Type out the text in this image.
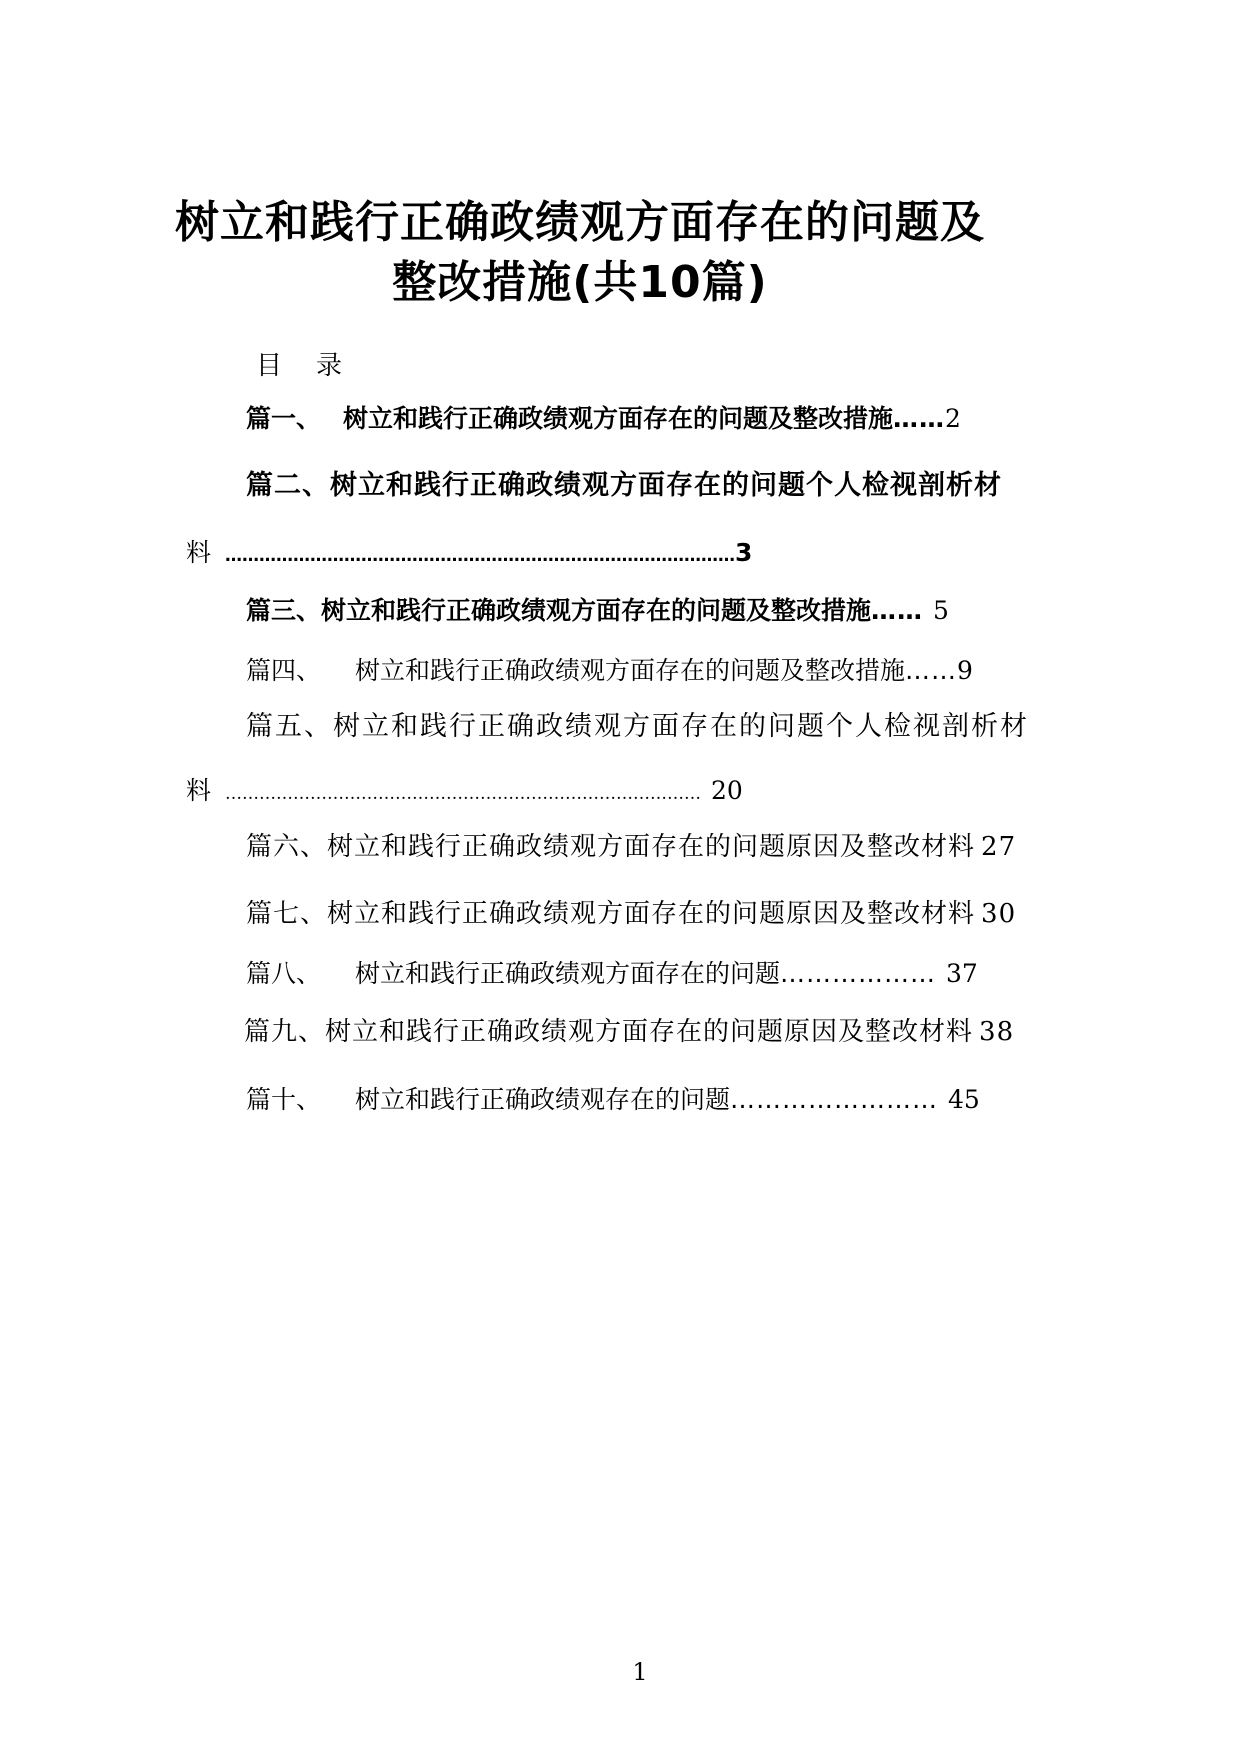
树立和践行正确政绩观方面存在的问题及
整改措施(共10篇)
目 录
篇一、 树立和践行正确政绩观方面存在的问题及整改措施……2
篇二、树立和践行正确政绩观方面存在的问题个人检视剖析材
料 ………………………………………………………………………………3
篇三、树立和践行正确政绩观方面存在的问题及整改措施…… 5
篇四、 树立和践行正确政绩观方面存在的问题及整改措施……9
篇五、树立和践行正确政绩观方面存在的问题个人检视剖析材
料 ………………………………………………………………………… 20
篇六、树立和践行正确政绩观方面存在的问题原因及整改材料 27
篇七、树立和践行正确政绩观方面存在的问题原因及整改材料 30
篇八、 树立和践行正确政绩观方面存在的问题……………… 37
篇九、树立和践行正确政绩观方面存在的问题原因及整改材料 38
篇十、 树立和践行正确政绩观存在的问题…………………… 45
1
